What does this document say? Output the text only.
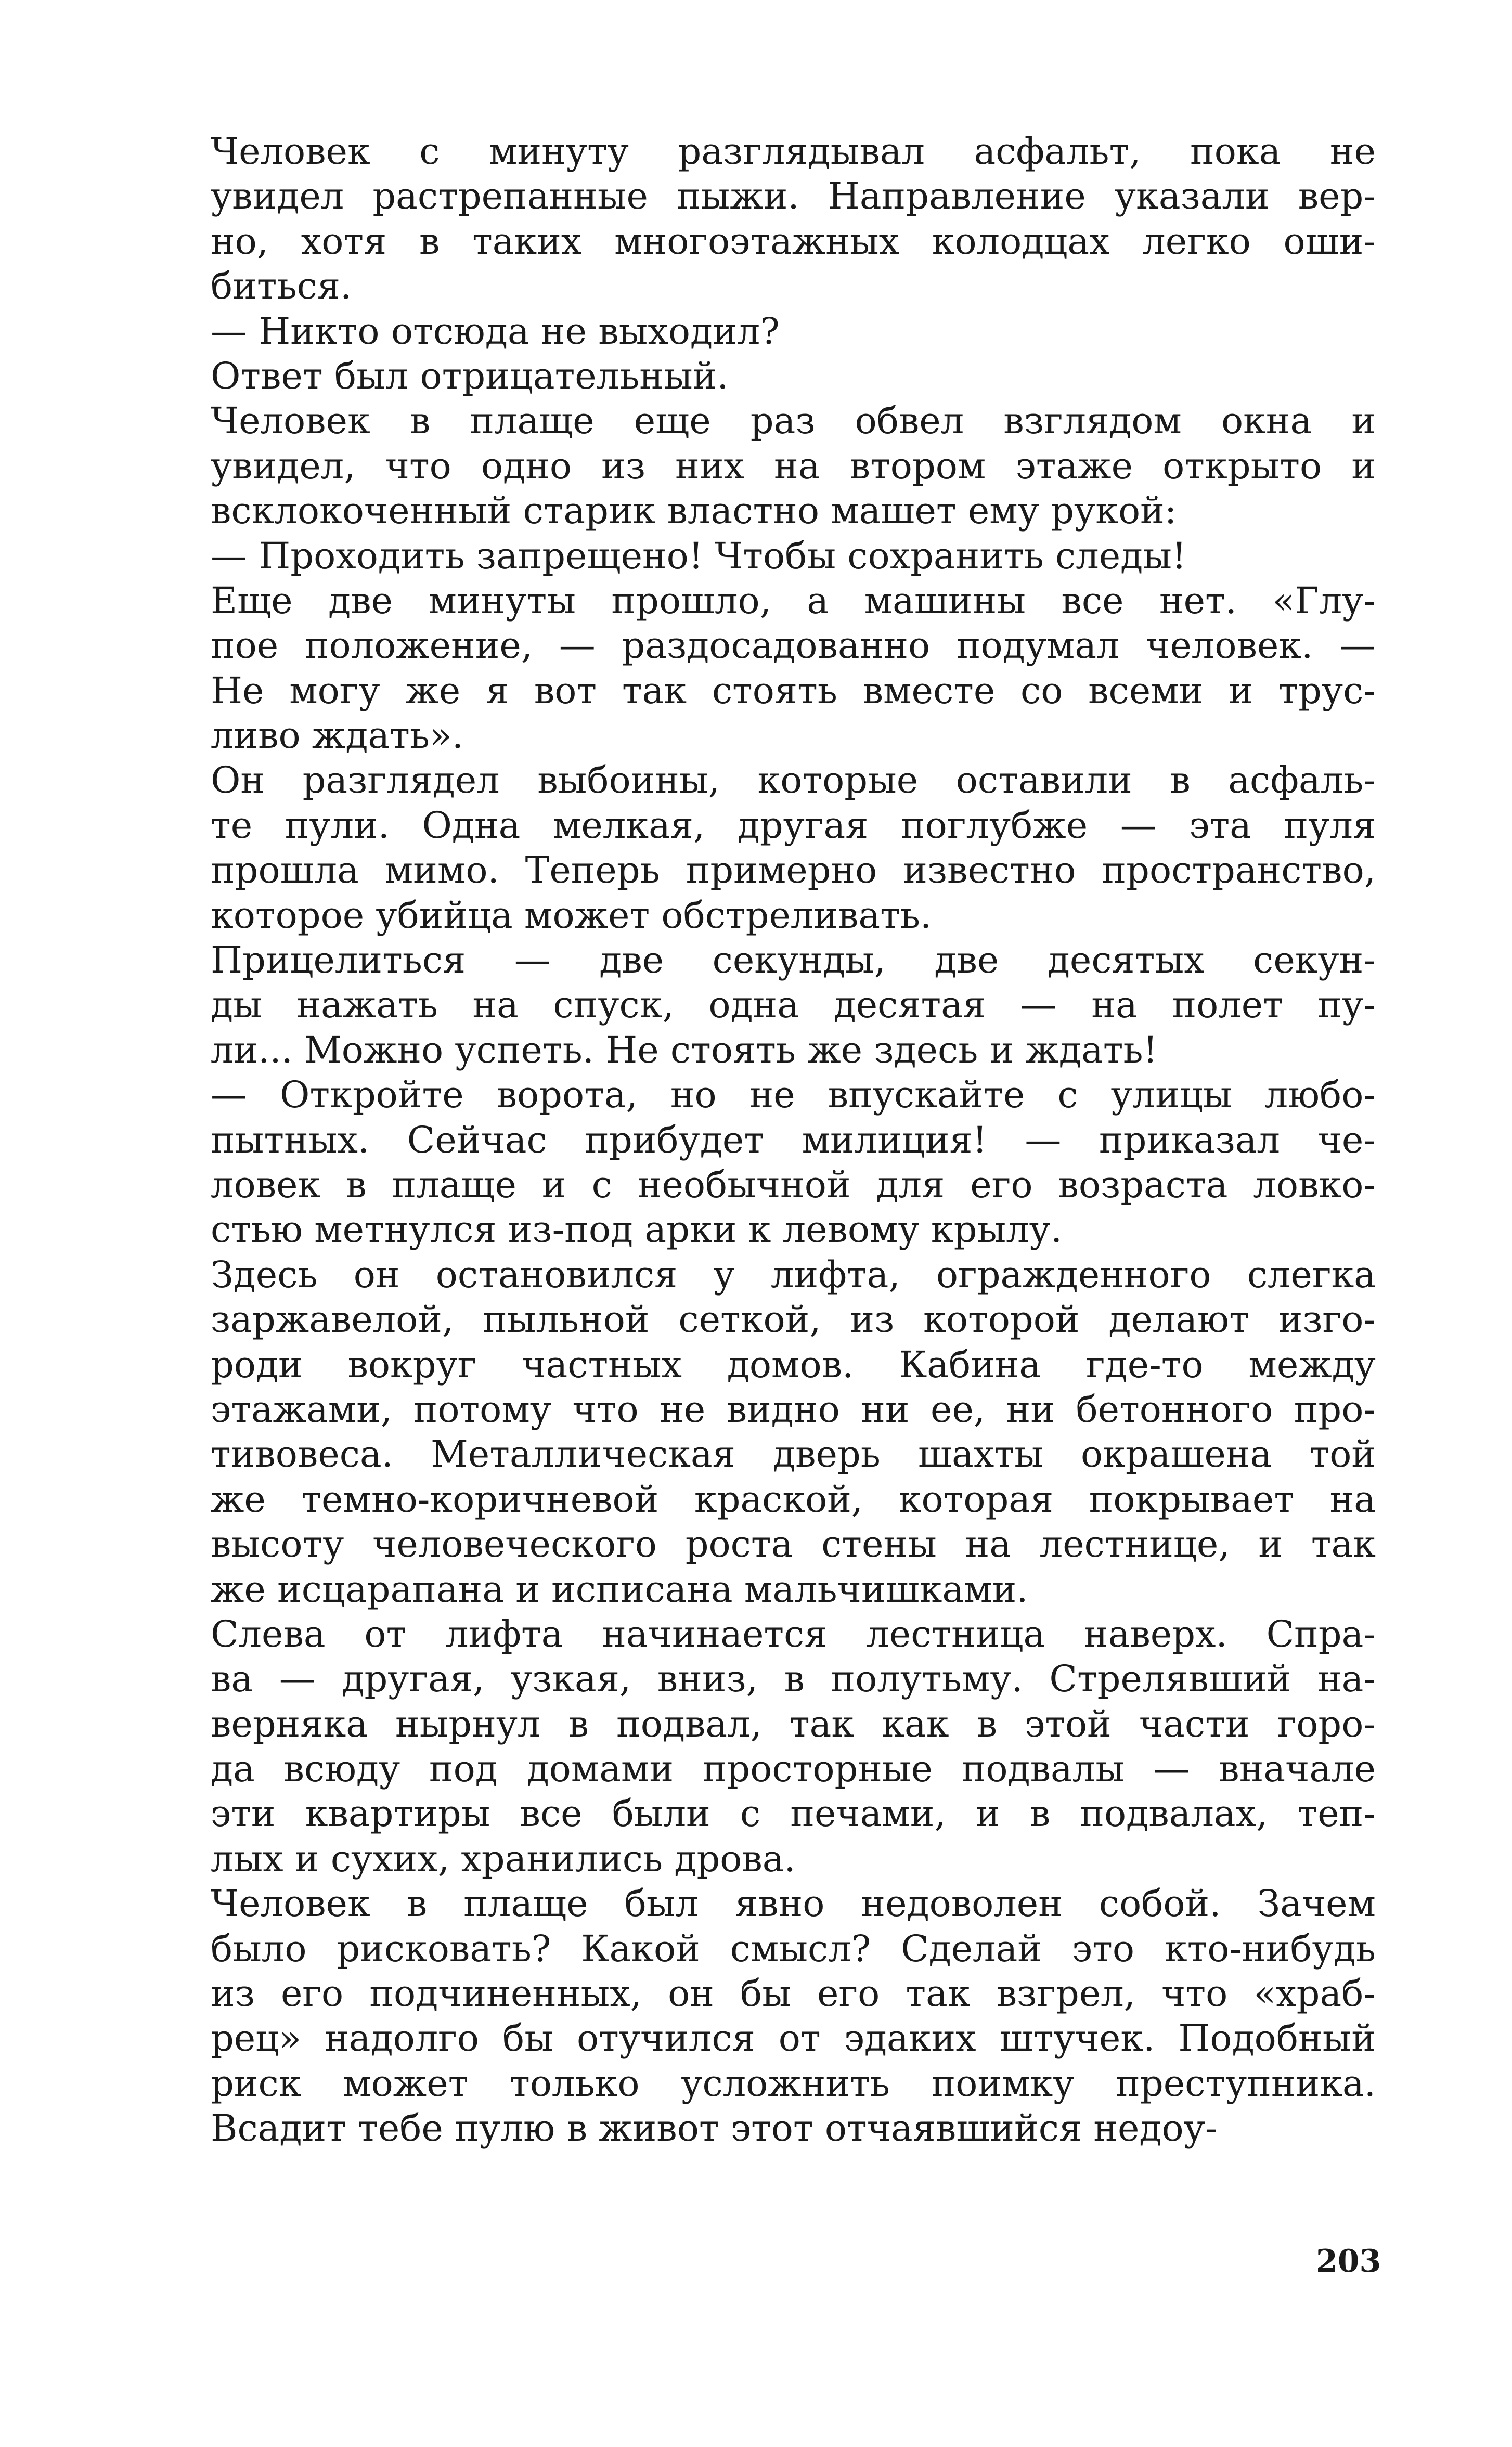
Человек с минуту разглядывал асфальт, пока не
увидел растрепанные пыжи. Направление указали вер-
но, хотя в таких многоэтажных колодцах легко оши-
биться.
— Никто отсюда не выходил?
Ответ был отрицательный.
Человек в плаще еще раз обвел взглядом окна и
увидел, что одно из них на втором этаже открыто и
всклокоченный старик властно машет ему рукой:
— Проходить запрещено! Чтобы сохранить следы!
Еще две минуты прошло, а машины все нет. «Глу-
пое положение, — раздосадованно подумал человек. —
Не могу же я вот так стоять вместе со всеми и трус-
ливо ждать».
Он разглядел выбоины, которые оставили в асфаль-
те пули. Одна мелкая, другая поглубже — эта пуля
прошла мимо. Теперь примерно известно пространство,
которое убийца может обстреливать.
Прицелиться — две секунды, две десятых секун-
ды нажать на спуск, одна десятая — на полет пу-
ли... Можно успеть. Не стоять же здесь и ждать!
— Откройте ворота, но не впускайте с улицы любо-
пытных. Сейчас прибудет милиция! — приказал че-
ловек в плаще и с необычной для его возраста ловко-
стью метнулся из-под арки к левому крылу.
Здесь он остановился у лифта, огражденного слегка
заржавелой, пыльной сеткой, из которой делают изго-
роди вокруг частных домов. Кабина где-то между
этажами, потому что не видно ни ее, ни бетонного про-
тивовеса. Металлическая дверь шахты окрашена той
же темно-коричневой краской, которая покрывает на
высоту человеческого роста стены на лестнице, и так
же исцарапана и исписана мальчишками.
Слева от лифта начинается лестница наверх. Спра-
ва — другая, узкая, вниз, в полутьму. Стрелявший на-
верняка нырнул в подвал, так как в этой части горо-
да всюду под домами просторные подвалы — вначале
эти квартиры все были с печами, и в подвалах, теп-
лых и сухих, хранились дрова.
Человек в плаще был явно недоволен собой. Зачем
было рисковать? Какой смысл? Сделай это кто-нибудь
из его подчиненных, он бы его так взгрел, что «храб-
рец» надолго бы отучился от эдаких штучек. Подобный
риск может только усложнить поимку преступника.
Всадит тебе пулю в живот этот отчаявшийся недоу-
203
